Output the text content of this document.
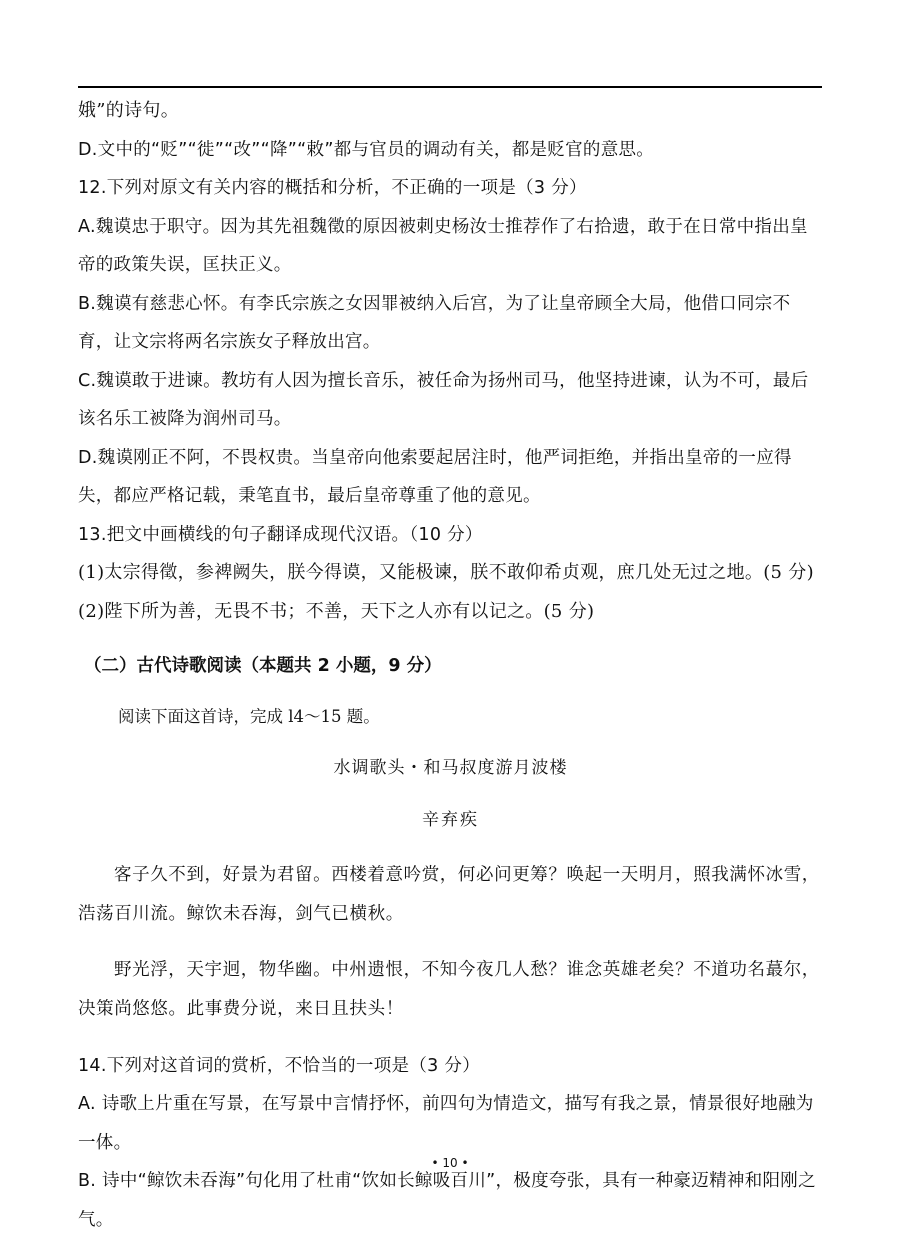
娥”的诗句。

D.文中的“贬”“徙”“改”“降”“敕”都与官员的调动有关，都是贬官的意思。

12.下列对原文有关内容的概括和分析，不正确的一项是（3 分）

A.魏谟忠于职守。因为其先祖魏徵的原因被刺史杨汝士推荐作了右拾遗，敢于在日常中指出皇帝的政策失误，匡扶正义。

B.魏谟有慈悲心怀。有李氏宗族之女因罪被纳入后宫，为了让皇帝顾全大局，他借口同宗不育，让文宗将两名宗族女子释放出宫。

C.魏谟敢于进谏。教坊有人因为擅长音乐，被任命为扬州司马，他坚持进谏，认为不可，最后该名乐工被降为润州司马。

D.魏谟刚正不阿，不畏权贵。当皇帝向他索要起居注时，他严词拒绝，并指出皇帝的一应得失，都应严格记载，秉笔直书，最后皇帝尊重了他的意见。

13.把文中画横线的句子翻译成现代汉语。（10 分）

(1)太宗得徵，参裨阙失，朕今得谟，又能极谏，朕不敢仰希贞观，庶几处无过之地。(5 分)

(2)陛下所为善，无畏不书；不善，天下之人亦有以记之。(5 分)

（二）古代诗歌阅读（本题共 2 小题，9 分）

阅读下面这首诗，完成 l4～15 题。

水调歌头・和马叔度游月波楼

辛弃疾

客子久不到，好景为君留。西楼着意吟赏，何必问更筹？唤起一天明月，照我满怀冰雪，浩荡百川流。鲸饮未吞海，剑气已横秋。

野光浮，天宇迥，物华幽。中州遗恨，不知今夜几人愁？谁念英雄老矣？不道功名蕞尔，决策尚悠悠。此事费分说，来日且扶头！

14.下列对这首词的赏析，不恰当的一项是（3 分）

A. 诗歌上片重在写景，在写景中言情抒怀，前四句为情造文，描写有我之景，情景很好地融为一体。

B. 诗中“鲸饮未吞海”句化用了杜甫“饮如长鲸吸百川”，极度夸张，具有一种豪迈精神和阳刚之气。

• 10 •
